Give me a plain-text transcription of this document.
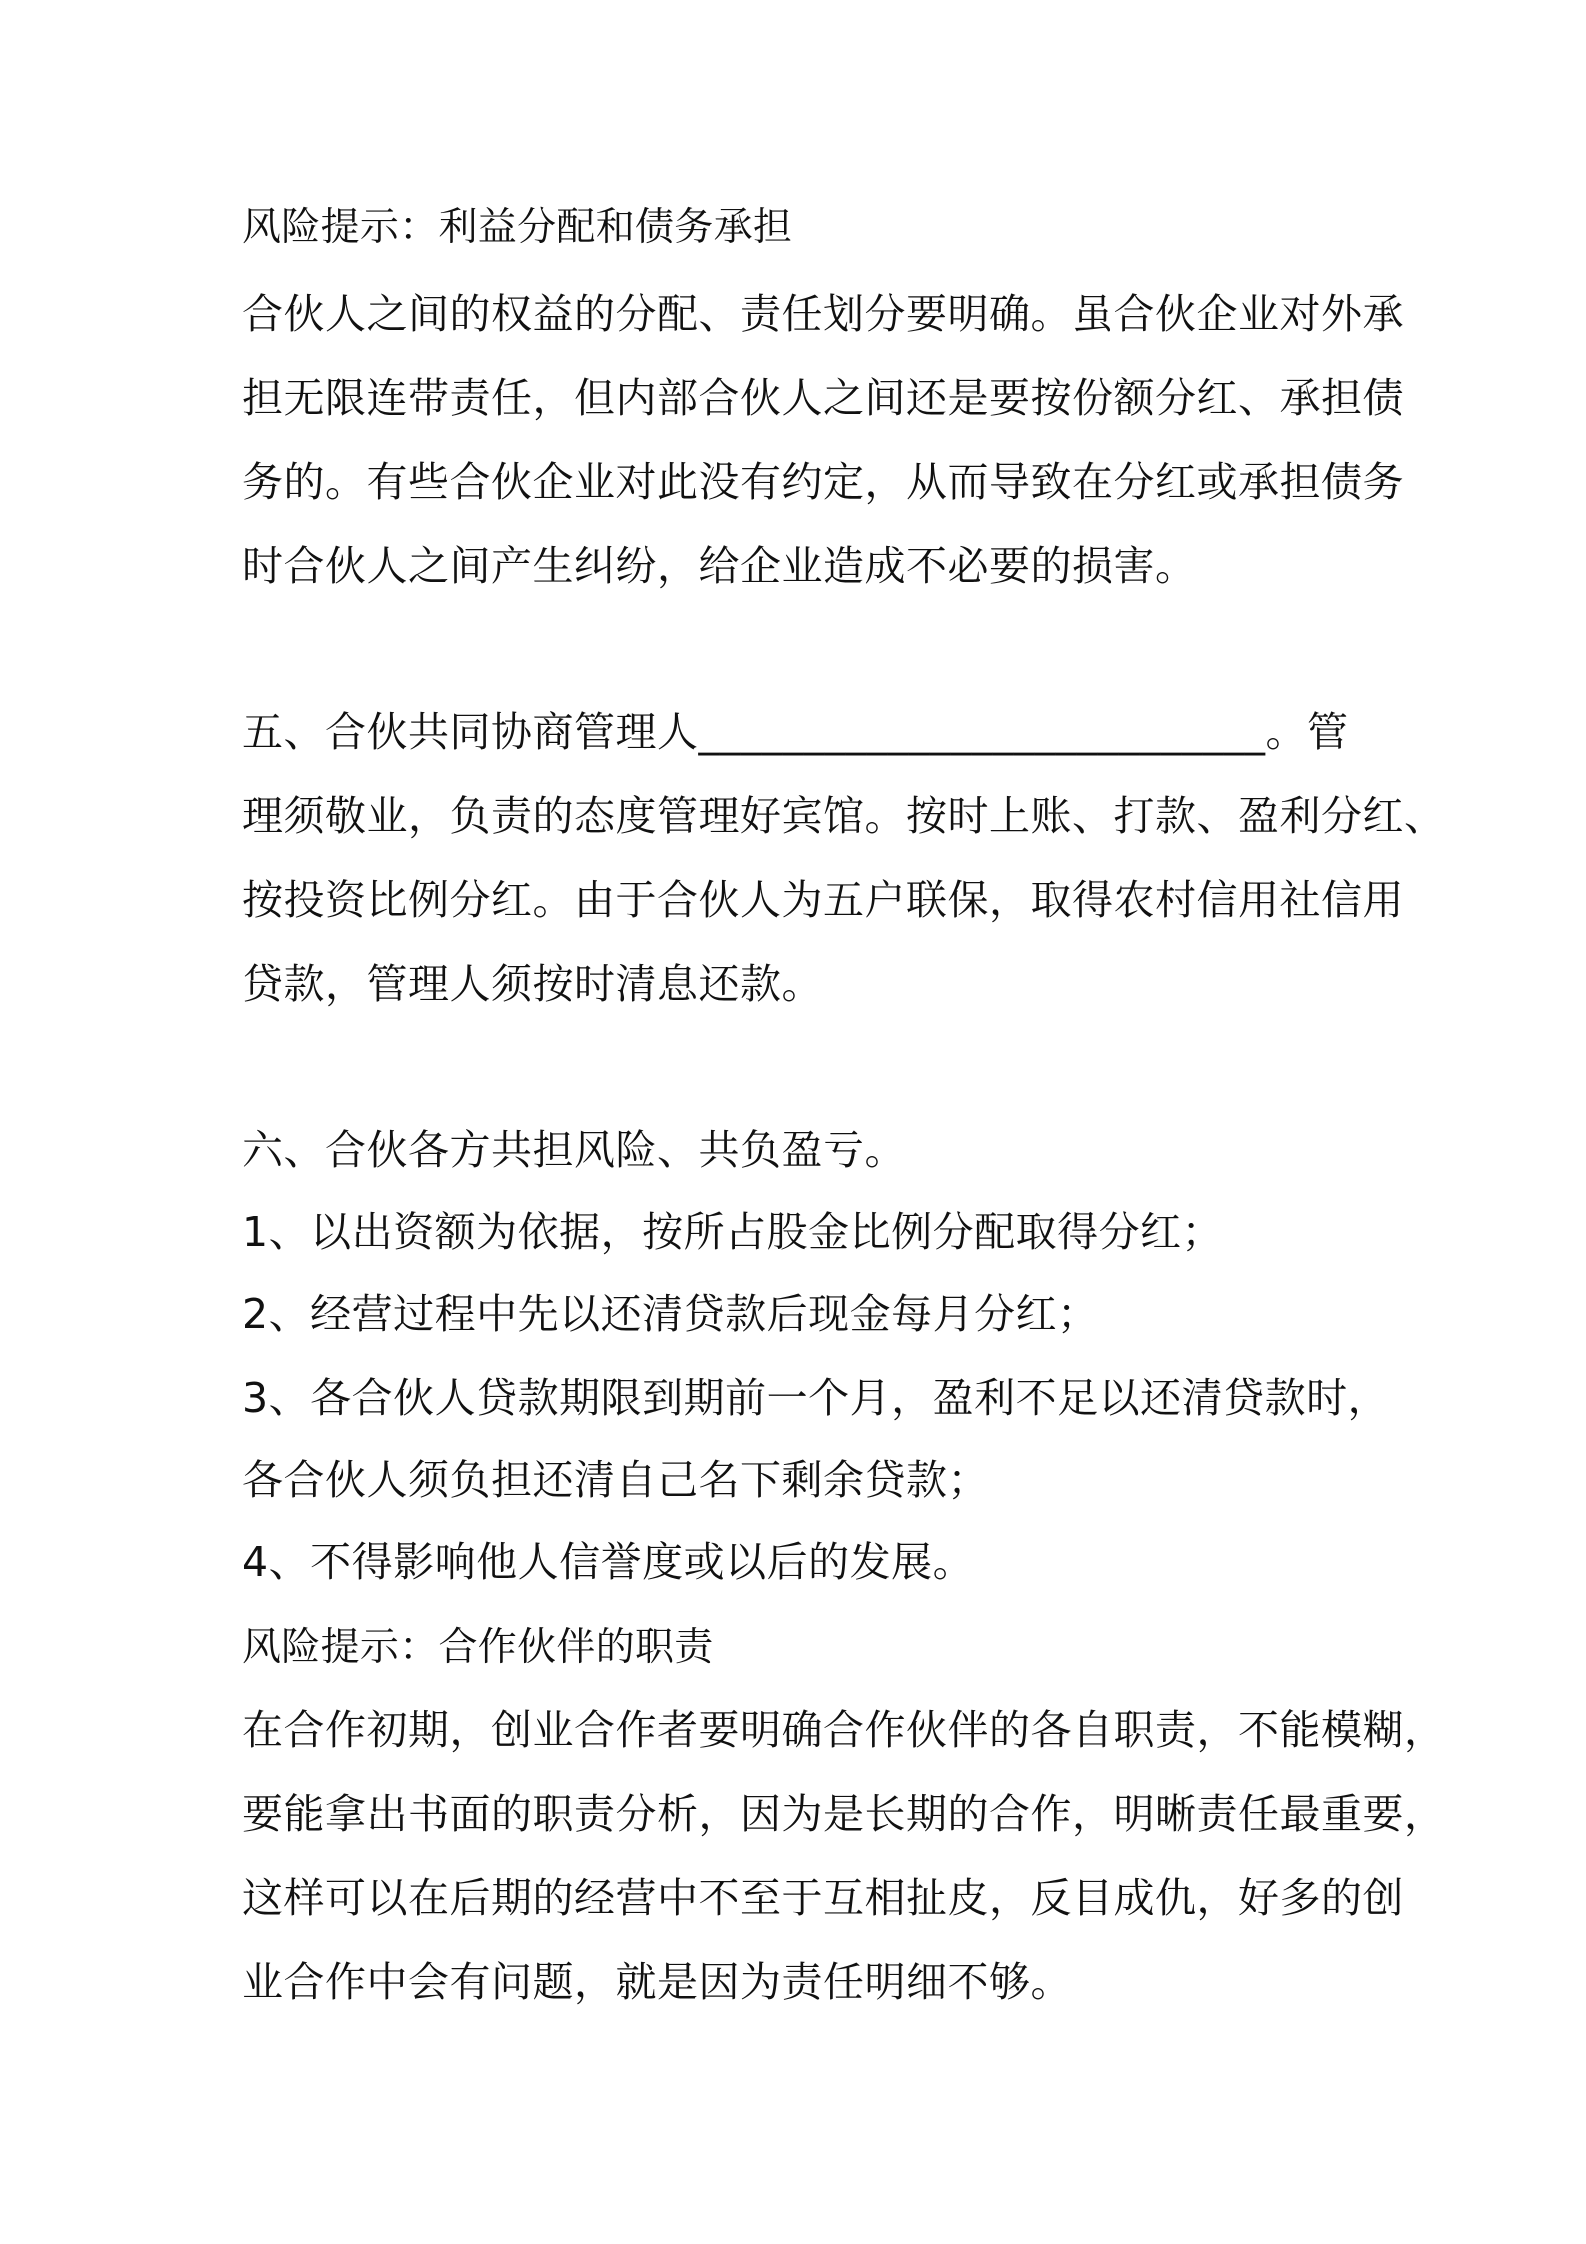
风险提示：利益分配和债务承担
合伙人之间的权益的分配、责任划分要明确。虽合伙企业对外承
担无限连带责任，但内部合伙人之间还是要按份额分红、承担债
务的。有些合伙企业对此没有约定，从而导致在分红或承担债务
时合伙人之间产生纠纷，给企业造成不必要的损害。
五、合伙共同协商管理人___________________________。管
理须敬业，负责的态度管理好宾馆。按时上账、打款、盈利分红、
按投资比例分红。由于合伙人为五户联保，取得农村信用社信用
贷款，管理人须按时清息还款。
六、合伙各方共担风险、共负盈亏。
1、以出资额为依据，按所占股金比例分配取得分红；
2、经营过程中先以还清贷款后现金每月分红；
3、各合伙人贷款期限到期前一个月，盈利不足以还清贷款时，
各合伙人须负担还清自己名下剩余贷款；
4、不得影响他人信誉度或以后的发展。
风险提示：合作伙伴的职责
在合作初期，创业合作者要明确合作伙伴的各自职责，不能模糊，
要能拿出书面的职责分析，因为是长期的合作，明晰责任最重要，
这样可以在后期的经营中不至于互相扯皮，反目成仇，好多的创
业合作中会有问题，就是因为责任明细不够。
